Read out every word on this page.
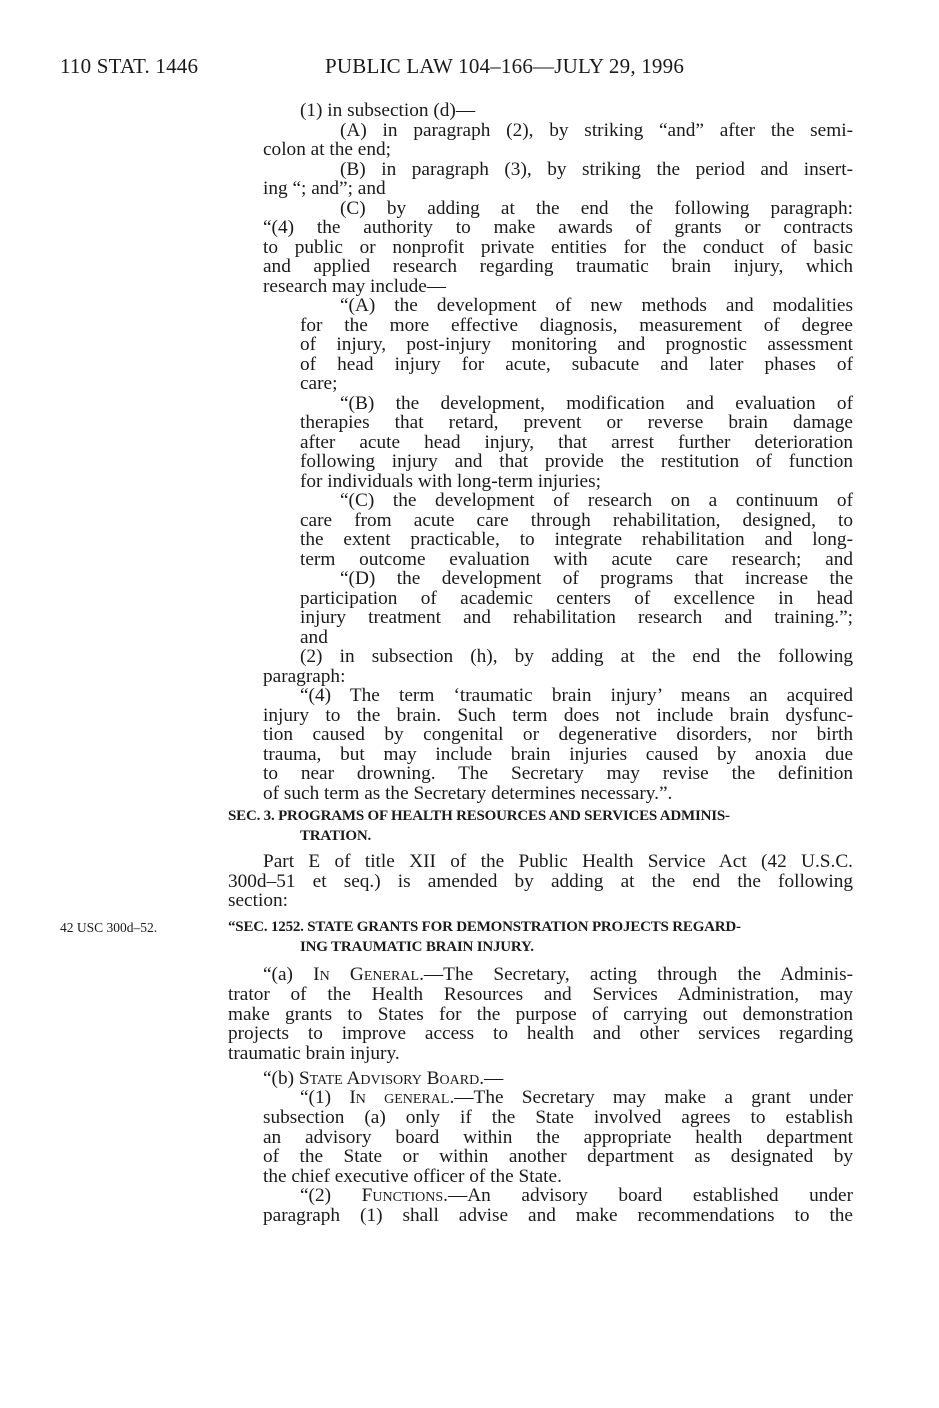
110 STAT. 1446	PUBLIC LAW 104–166—JULY 29, 1996
(1) in subsection (d)—
(A) in paragraph (2), by striking “and” after the semi-
colon at the end;
(B) in paragraph (3), by striking the period and insert-
ing “; and”; and
(C) by adding at the end the following paragraph:
“(4) the authority to make awards of grants or contracts
to public or nonprofit private entities for the conduct of basic
and applied research regarding traumatic brain injury, which
research may include—
“(A) the development of new methods and modalities
for the more effective diagnosis, measurement of degree
of injury, post-injury monitoring and prognostic assessment
of head injury for acute, subacute and later phases of
care;
“(B) the development, modification and evaluation of
therapies that retard, prevent or reverse brain damage
after acute head injury, that arrest further deterioration
following injury and that provide the restitution of function
for individuals with long-term injuries;
“(C) the development of research on a continuum of
care from acute care through rehabilitation, designed, to
the extent practicable, to integrate rehabilitation and long-
term outcome evaluation with acute care research; and
“(D) the development of programs that increase the
participation of academic centers of excellence in head
injury treatment and rehabilitation research and training.”;
and
(2) in subsection (h), by adding at the end the following
paragraph:
“(4) The term ‘traumatic brain injury’ means an acquired
injury to the brain. Such term does not include brain dysfunc-
tion caused by congenital or degenerative disorders, nor birth
trauma, but may include brain injuries caused by anoxia due
to near drowning. The Secretary may revise the definition
of such term as the Secretary determines necessary.”.
SEC. 3. PROGRAMS OF HEALTH RESOURCES AND SERVICES ADMINIS-
TRATION.
Part E of title XII of the Public Health Service Act (42 U.S.C.
300d–51 et seq.) is amended by adding at the end the following
section:
42 USC 300d–52.	“SEC. 1252. STATE GRANTS FOR DEMONSTRATION PROJECTS REGARD-
ING TRAUMATIC BRAIN INJURY.
“(a) In General.—The Secretary, acting through the Adminis-
trator of the Health Resources and Services Administration, may
make grants to States for the purpose of carrying out demonstration
projects to improve access to health and other services regarding
traumatic brain injury.
“(b) State Advisory Board.—
“(1) In general.—The Secretary may make a grant under
subsection (a) only if the State involved agrees to establish
an advisory board within the appropriate health department
of the State or within another department as designated by
the chief executive officer of the State.
“(2) Functions.—An advisory board established under
paragraph (1) shall advise and make recommendations to the
